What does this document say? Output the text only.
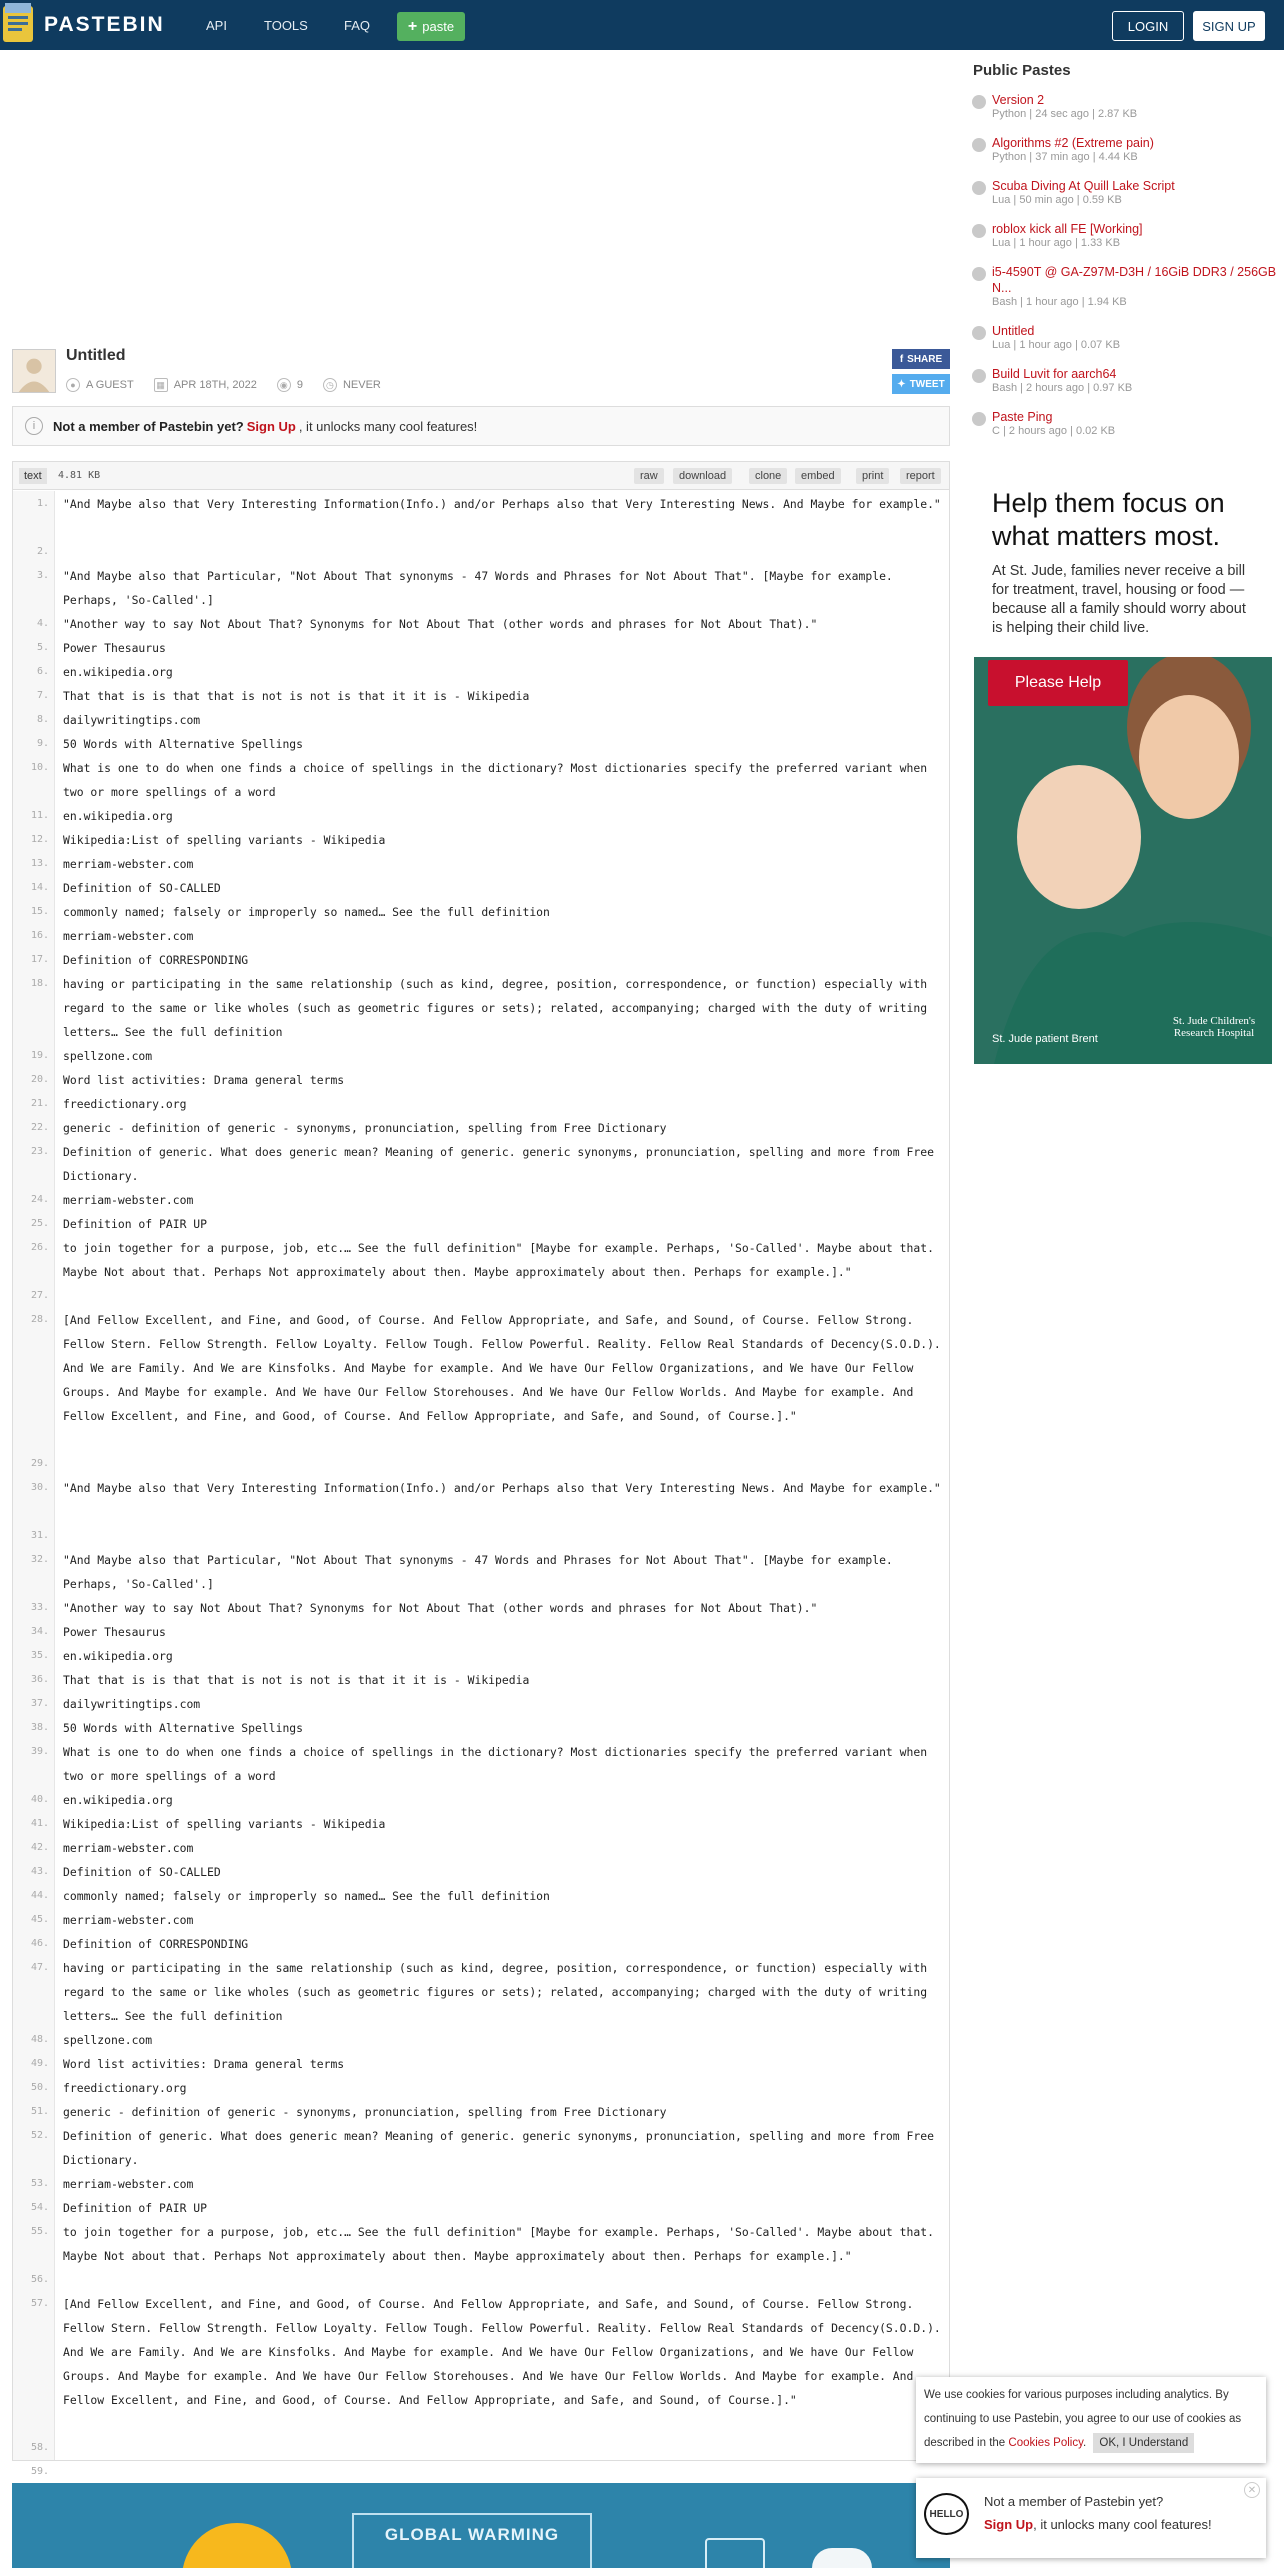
PASTEBIN	API	TOOLS	FAQ + paste	LOGIN	SIGN UP
Untitled
● A GUEST	▦ APR 18TH, 2022	◉ 9	◷ NEVER
f SHARE
✦ TWEET
i	Not a member of Pastebin yet? Sign Up , it unlocks many cool features!
text	4.81 KB	raw	download	clone	embed	print	report
1. "And Maybe also that Very Interesting Information(Info.) and/or Perhaps also that Very Interesting News. And Maybe for example."
2.
3. "And Maybe also that Particular, "Not About That synonyms - 47 Words and Phrases for Not About That". [Maybe for example. Perhaps, 'So-Called'.]
4. "Another way to say Not About That? Synonyms for Not About That (other words and phrases for Not About That)."
5. Power Thesaurus
6. en.wikipedia.org
7. That that is is that that is not is not is that it it is - Wikipedia
8. dailywritingtips.com
9. 50 Words with Alternative Spellings
10. What is one to do when one finds a choice of spellings in the dictionary? Most dictionaries specify the preferred variant when two or more spellings of a word
11. en.wikipedia.org
12. Wikipedia:List of spelling variants - Wikipedia
13. merriam-webster.com
14. Definition of SO-CALLED
15. commonly named; falsely or improperly so named… See the full definition
16. merriam-webster.com
17. Definition of CORRESPONDING
18. having or participating in the same relationship (such as kind, degree, position, correspondence, or function) especially with regard to the same or like wholes (such as geometric figures or sets); related, accompanying; charged with the duty of writing letters… See the full definition
19. spellzone.com
20. Word list activities: Drama general terms
21. freedictionary.org
22. generic - definition of generic - synonyms, pronunciation, spelling from Free Dictionary
23. Definition of generic. What does generic mean? Meaning of generic. generic synonyms, pronunciation, spelling and more from Free Dictionary.
24. merriam-webster.com
25. Definition of PAIR UP
26. to join together for a purpose, job, etc.… See the full definition" [Maybe for example. Perhaps, 'So-Called'. Maybe about that. Maybe Not about that. Perhaps Not approximately about then. Maybe approximately about then. Perhaps for example.]."
27.
28. [And Fellow Excellent, and Fine, and Good, of Course. And Fellow Appropriate, and Safe, and Sound, of Course. Fellow Strong. Fellow Stern. Fellow Strength. Fellow Loyalty. Fellow Tough. Fellow Powerful. Reality. Fellow Real Standards of Decency(S.O.D.). And We are Family. And We are Kinsfolks. And Maybe for example. And We have Our Fellow Organizations, and We have Our Fellow Groups. And Maybe for example. And We have Our Fellow Storehouses. And We have Our Fellow Worlds. And Maybe for example. And Fellow Excellent, and Fine, and Good, of Course. And Fellow Appropriate, and Safe, and Sound, of Course.]."
29.
30. "And Maybe also that Very Interesting Information(Info.) and/or Perhaps also that Very Interesting News. And Maybe for example."
31.
32. "And Maybe also that Particular, "Not About That synonyms - 47 Words and Phrases for Not About That". [Maybe for example. Perhaps, 'So-Called'.]
33. "Another way to say Not About That? Synonyms for Not About That (other words and phrases for Not About That)."
34. Power Thesaurus
35. en.wikipedia.org
36. That that is is that that is not is not is that it it is - Wikipedia
37. dailywritingtips.com
38. 50 Words with Alternative Spellings
39. What is one to do when one finds a choice of spellings in the dictionary? Most dictionaries specify the preferred variant when two or more spellings of a word
40. en.wikipedia.org
41. Wikipedia:List of spelling variants - Wikipedia
42. merriam-webster.com
43. Definition of SO-CALLED
44. commonly named; falsely or improperly so named… See the full definition
45. merriam-webster.com
46. Definition of CORRESPONDING
47. having or participating in the same relationship (such as kind, degree, position, correspondence, or function) especially with regard to the same or like wholes (such as geometric figures or sets); related, accompanying; charged with the duty of writing letters… See the full definition
48. spellzone.com
49. Word list activities: Drama general terms
50. freedictionary.org
51. generic - definition of generic - synonyms, pronunciation, spelling from Free Dictionary
52. Definition of generic. What does generic mean? Meaning of generic. generic synonyms, pronunciation, spelling and more from Free Dictionary.
53. merriam-webster.com
54. Definition of PAIR UP
55. to join together for a purpose, job, etc.… See the full definition" [Maybe for example. Perhaps, 'So-Called'. Maybe about that. Maybe Not about that. Perhaps Not approximately about then. Maybe approximately about then. Perhaps for example.]."
56.
57. [And Fellow Excellent, and Fine, and Good, of Course. And Fellow Appropriate, and Safe, and Sound, of Course. Fellow Strong. Fellow Stern. Fellow Strength. Fellow Loyalty. Fellow Tough. Fellow Powerful. Reality. Fellow Real Standards of Decency(S.O.D.). And We are Family. And We are Kinsfolks. And Maybe for example. And We have Our Fellow Organizations, and We have Our Fellow Groups. And Maybe for example. And We have Our Fellow Storehouses. And We have Our Fellow Worlds. And Maybe for example. And Fellow Excellent, and Fine, and Good, of Course. And Fellow Appropriate, and Safe, and Sound, of Course.]."
58.
59.
Public Pastes
Version 2
Python | 24 sec ago | 2.87 KB
Algorithms #2 (Extreme pain)
Python | 37 min ago | 4.44 KB
Scuba Diving At Quill Lake Script
Lua | 50 min ago | 0.59 KB
roblox kick all FE [Working]
Lua | 1 hour ago | 1.33 KB
i5-4590T @ GA-Z97M-D3H / 16GiB DDR3 / 256GB N...
Bash | 1 hour ago | 1.94 KB
Untitled
Lua | 1 hour ago | 0.07 KB
Build Luvit for aarch64
Bash | 2 hours ago | 0.97 KB
Paste Ping
C | 2 hours ago | 0.02 KB
Help them focus on what matters most.
At St. Jude, families never receive a bill for treatment, travel, housing or food — because all a family should worry about is helping their child live.
Please Help
St. Jude patient Brent
St. Jude Children's Research Hospital
GLOBAL WARMING
We use cookies for various purposes including analytics. By continuing to use Pastebin, you agree to our use of cookies as described in the Cookies Policy. OK, I Understand
HELLO
Not a member of Pastebin yet?
Sign Up, it unlocks many cool features!
✕
